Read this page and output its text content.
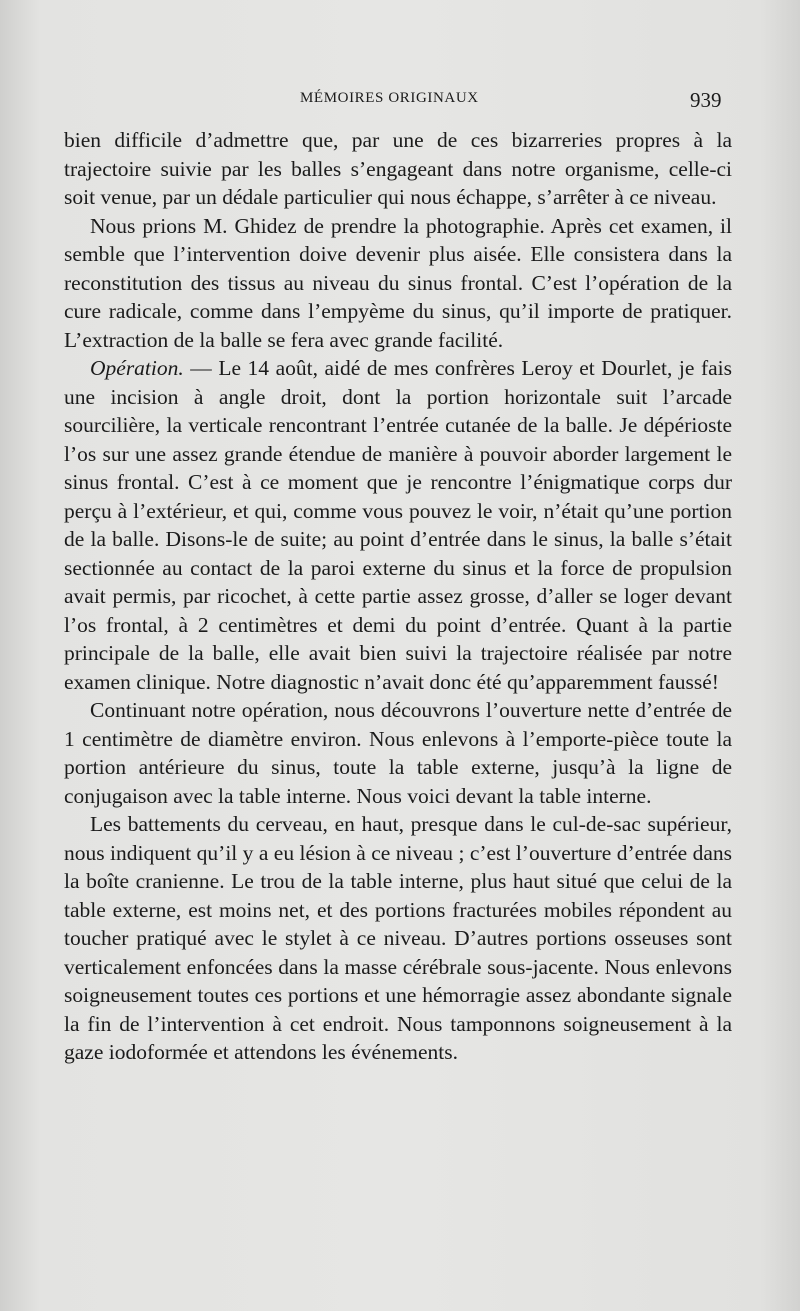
MÉMOIRES ORIGINAUX	939

bien difficile d’admettre que, par une de ces bizarreries propres à la trajectoire suivie par les balles s’engageant dans notre organisme, celle-ci soit venue, par un dédale particulier qui nous échappe, s’arrêter à ce niveau.

Nous prions M. Ghidez de prendre la photographie. Après cet examen, il semble que l’intervention doive devenir plus aisée. Elle consistera dans la reconstitution des tissus au niveau du sinus frontal. C’est l’opération de la cure radicale, comme dans l’empyème du sinus, qu’il importe de pratiquer. L’extraction de la balle se fera avec grande facilité.

Opération. — Le 14 août, aidé de mes confrères Leroy et Dourlet, je fais une incision à angle droit, dont la portion horizontale suit l’arcade sourcilière, la verticale rencontrant l’entrée cutanée de la balle. Je dépérioste l’os sur une assez grande étendue de manière à pouvoir aborder largement le sinus frontal. C’est à ce moment que je rencontre l’énigmatique corps dur perçu à l’extérieur, et qui, comme vous pouvez le voir, n’était qu’une portion de la balle. Disons-le de suite; au point d’entrée dans le sinus, la balle s’était sectionnée au contact de la paroi externe du sinus et la force de propulsion avait permis, par ricochet, à cette partie assez grosse, d’aller se loger devant l’os frontal, à 2 centimètres et demi du point d’entrée. Quant à la partie principale de la balle, elle avait bien suivi la trajectoire réalisée par notre examen clinique. Notre diagnostic n’avait donc été qu’apparemment faussé!

Continuant notre opération, nous découvrons l’ouverture nette d’entrée de 1 centimètre de diamètre environ. Nous enlevons à l’emporte-pièce toute la portion antérieure du sinus, toute la table externe, jusqu’à la ligne de conjugaison avec la table interne. Nous voici devant la table interne.

Les battements du cerveau, en haut, presque dans le cul-de-sac supérieur, nous indiquent qu’il y a eu lésion à ce niveau ; c’est l’ouverture d’entrée dans la boîte cranienne. Le trou de la table interne, plus haut situé que celui de la table externe, est moins net, et des portions fracturées mobiles répondent au toucher pratiqué avec le stylet à ce niveau. D’autres portions osseuses sont verticalement enfoncées dans la masse cérébrale sous-jacente. Nous enlevons soigneusement toutes ces portions et une hémorragie assez abondante signale la fin de l’intervention à cet endroit. Nous tamponnons soigneusement à la gaze iodoformée et attendons les événements.
